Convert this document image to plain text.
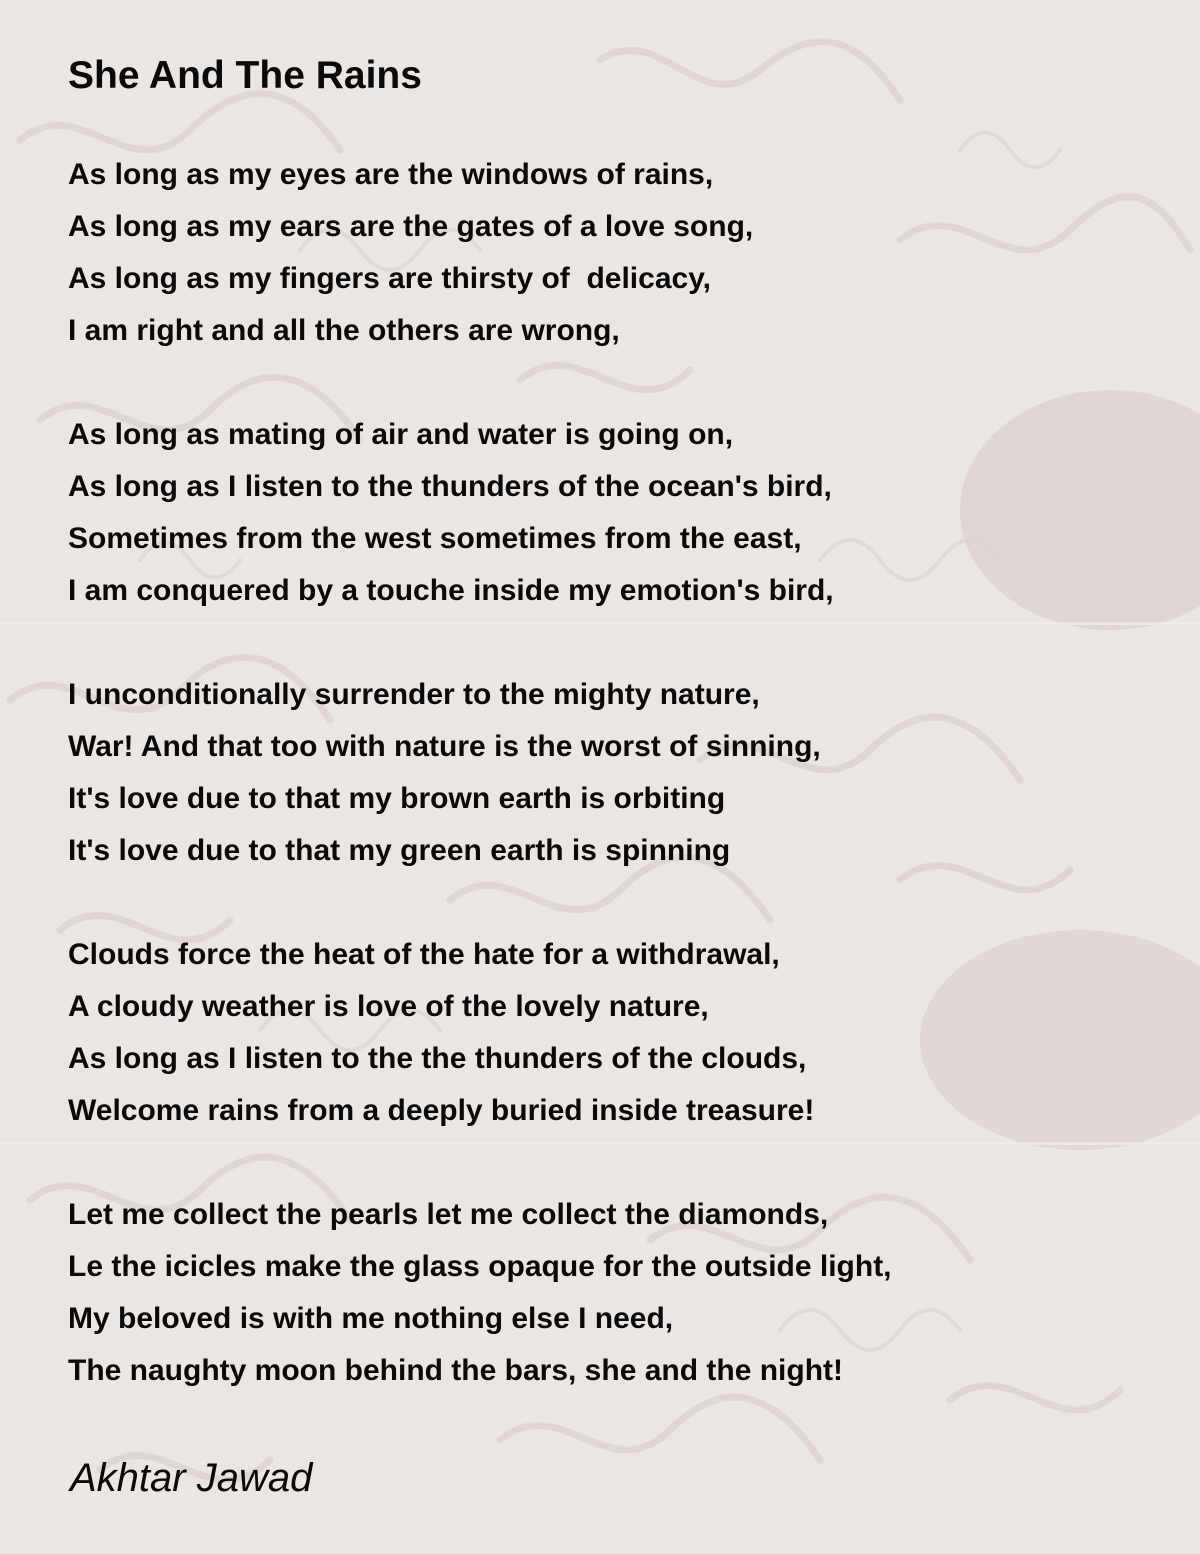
She And The Rains
As long as my eyes are the windows of rains,
As long as my ears are the gates of a love song,
As long as my fingers are thirsty of  delicacy,
I am right and all the others are wrong,
As long as mating of air and water is going on,
As long as I listen to the thunders of the ocean's bird,
Sometimes from the west sometimes from the east,
I am conquered by a touche inside my emotion's bird,
I unconditionally surrender to the mighty nature,
War! And that too with nature is the worst of sinning,
It's love due to that my brown earth is orbiting
It's love due to that my green earth is spinning
Clouds force the heat of the hate for a withdrawal,
A cloudy weather is love of the lovely nature,
As long as I listen to the the thunders of the clouds,
Welcome rains from a deeply buried inside treasure!
Let me collect the pearls let me collect the diamonds,
Le the icicles make the glass opaque for the outside light,
My beloved is with me nothing else I need,
The naughty moon behind the bars, she and the night!
Akhtar Jawad
